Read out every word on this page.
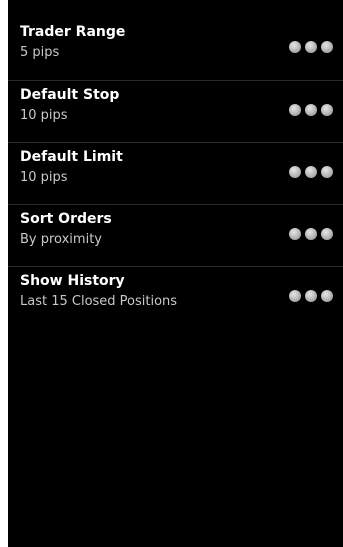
Trader Range
5 pips
Default Stop
10 pips
Default Limit
10 pips
Sort Orders
By proximity
Show History
Last 15 Closed Positions
